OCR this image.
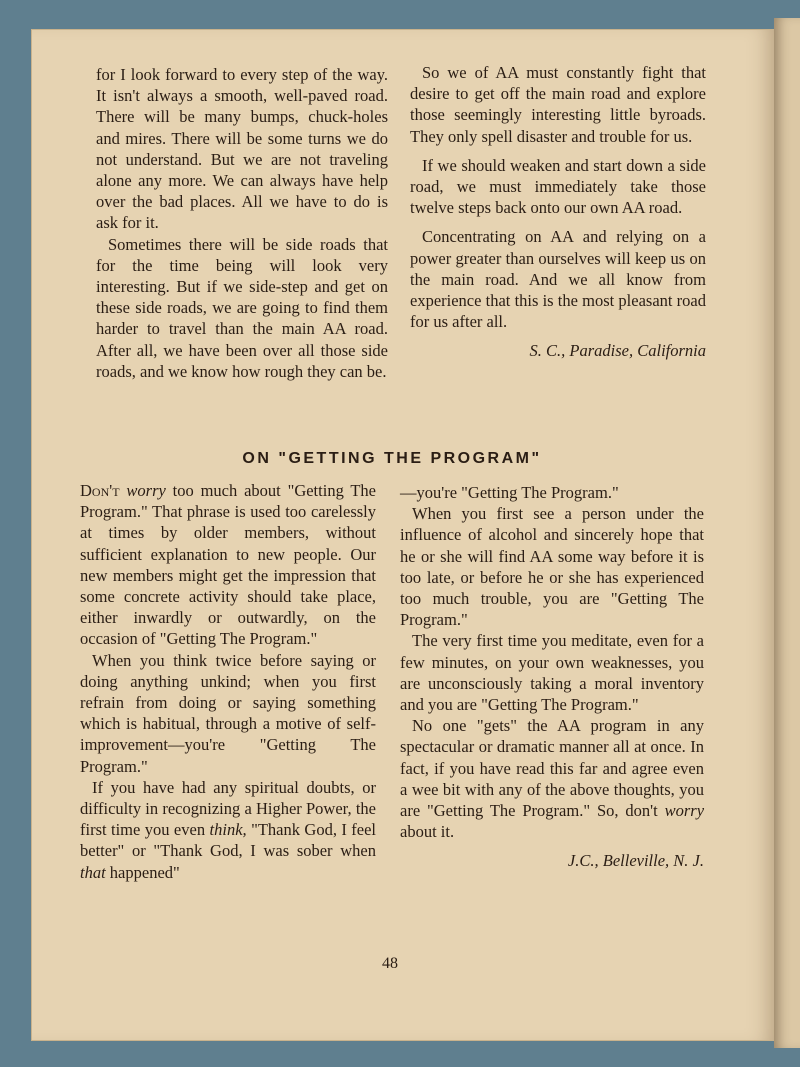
for I look forward to every step of the way. It isn't always a smooth, well-paved road. There will be many bumps, chuck-holes and mires. There will be some turns we do not understand. But we are not traveling alone any more. We can always have help over the bad places. All we have to do is ask for it.

Sometimes there will be side roads that for the time being will look very interesting. But if we side-step and get on these side roads, we are going to find them harder to travel than the main AA road. After all, we have been over all those side roads, and we know how rough they can be.

So we of AA must constantly fight that desire to get off the main road and explore those seemingly interesting little byroads. They only spell disaster and trouble for us.

If we should weaken and start down a side road, we must immediately take those twelve steps back onto our own AA road.

Concentrating on AA and relying on a power greater than ourselves will keep us on the main road. And we all know from experience that this is the most pleasant road for us after all.

S. C., Paradise, California

ON "GETTING THE PROGRAM"

Don't worry too much about "Getting The Program." That phrase is used too carelessly at times by older members, without sufficient explanation to new people. Our new members might get the impression that some concrete activity should take place, either inwardly or outwardly, on the occasion of "Getting The Program."

When you think twice before saying or doing anything unkind; when you first refrain from doing or saying something which is habitual, through a motive of self-improvement—you're "Getting The Program."

If you have had any spiritual doubts, or difficulty in recognizing a Higher Power, the first time you even think, "Thank God, I feel better" or "Thank God, I was sober when that happened"

—you're "Getting The Program."

When you first see a person under the influence of alcohol and sincerely hope that he or she will find AA some way before it is too late, or before he or she has experienced too much trouble, you are "Getting The Program."

The very first time you meditate, even for a few minutes, on your own weaknesses, you are unconsciously taking a moral inventory and you are "Getting The Program."

No one "gets" the AA program in any spectacular or dramatic manner all at once. In fact, if you have read this far and agree even a wee bit with any of the above thoughts, you are "Getting The Program." So, don't worry about it.

J.C., Belleville, N. J.

48
